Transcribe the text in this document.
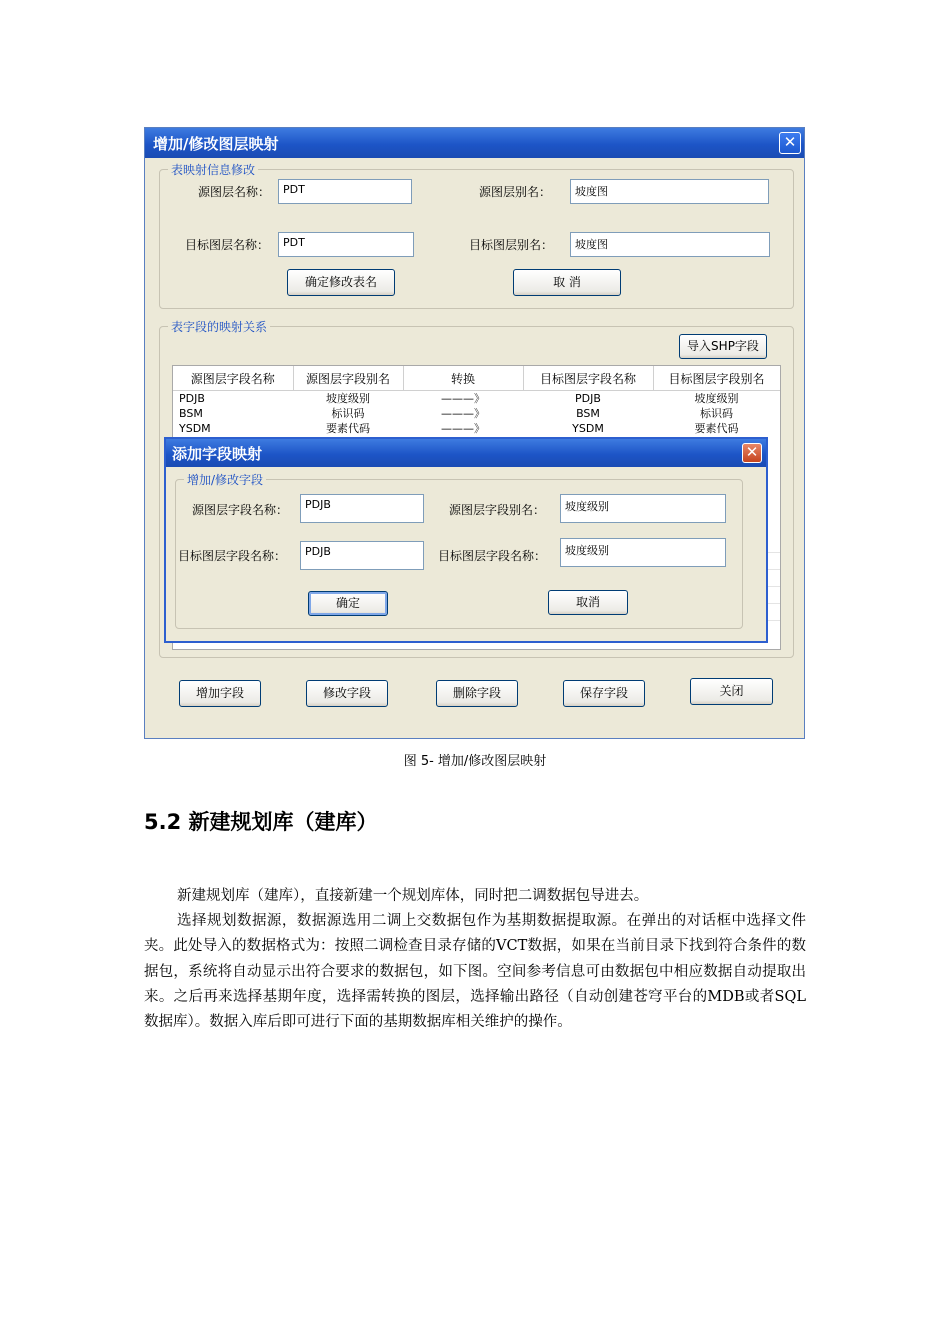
增加/修改图层映射	✕
表映射信息修改
源图层名称：	PDT	源图层别名：	坡度图
目标图层名称：	PDT	目标图层别名：	坡度图
确定修改表名	取 消
表字段的映射关系
导入SHP字段
源图层字段名称	源图层字段别名	转换	目标图层字段名称	目标图层字段别名
PDJB	坡度级别	———》	PDJB	坡度级别
BSM	标识码	———》	BSM	标识码
YSDM	要素代码	———》	YSDM	要素代码
增加字段	修改字段	删除字段	保存字段	关闭
添加字段映射	✕
增加/修改字段
源图层字段名称：	PDJB	源图层字段别名：	坡度级别
目标图层字段名称：	PDJB	目标图层字段名称：	坡度级别
确定	取消
图 5- 增加/修改图层映射
5.2 新建规划库（建库）
新建规划库（建库），直接新建一个规划库体，同时把二调数据包导进去。
选择规划数据源，数据源选用二调上交数据包作为基期数据提取源。在弹出的对话框中选择文件夹。此处导入的数据格式为：按照二调检查目录存储的VCT数据，如果在当前目录下找到符合条件的数据包，系统将自动显示出符合要求的数据包，如下图。空间参考信息可由数据包中相应数据自动提取出来。之后再来选择基期年度，选择需转换的图层，选择输出路径（自动创建苍穹平台的MDB或者SQL数据库）。数据入库后即可进行下面的基期数据库相关维护的操作。
